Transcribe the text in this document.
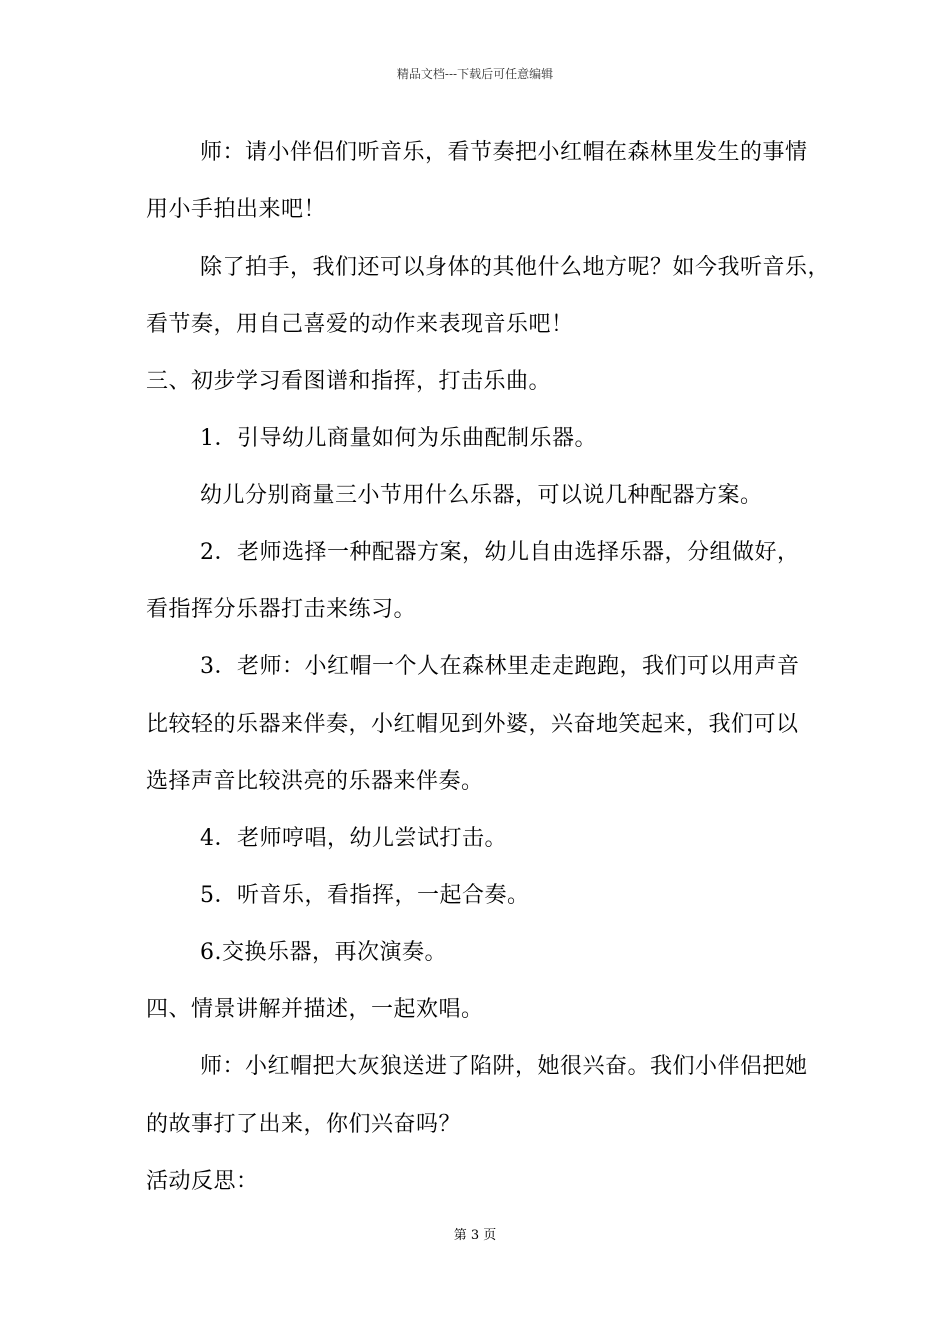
精品文档---下载后可任意编辑
师：请小伴侣们听音乐，看节奏把小红帽在森林里发生的事情
用小手拍出来吧！
除了拍手，我们还可以身体的其他什么地方呢？如今我听音乐，
看节奏，用自己喜爱的动作来表现音乐吧！
三、初步学习看图谱和指挥，打击乐曲。
1．引导幼儿商量如何为乐曲配制乐器。
幼儿分别商量三小节用什么乐器，可以说几种配器方案。
2．老师选择一种配器方案，幼儿自由选择乐器，分组做好，
看指挥分乐器打击来练习。
3．老师：小红帽一个人在森林里走走跑跑，我们可以用声音
比较轻的乐器来伴奏，小红帽见到外婆，兴奋地笑起来，我们可以
选择声音比较洪亮的乐器来伴奏。
4．老师哼唱，幼儿尝试打击。
5．听音乐，看指挥，一起合奏。
6.交换乐器，再次演奏。
四、情景讲解并描述，一起欢唱。
师：小红帽把大灰狼送进了陷阱，她很兴奋。我们小伴侣把她
的故事打了出来，你们兴奋吗？
活动反思：
第 3 页
